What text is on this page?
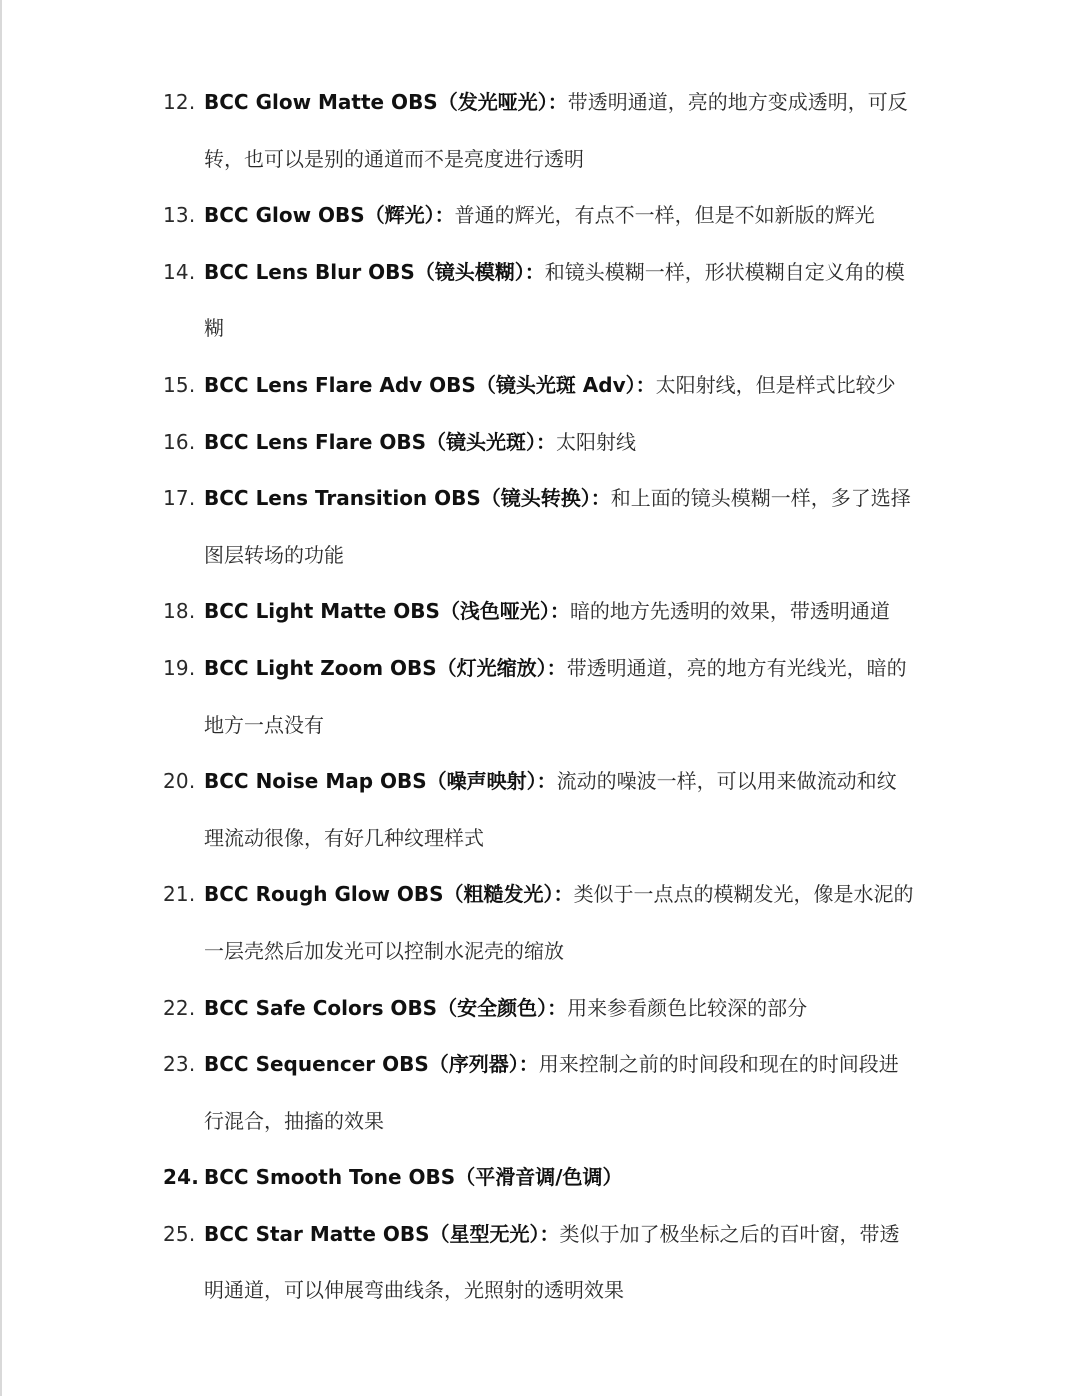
12. BCC Glow Matte OBS（发光哑光）：带透明通道，亮的地方变成透明，可反转，也可以是别的通道而不是亮度进行透明
13. BCC Glow OBS（辉光）：普通的辉光，有点不一样，但是不如新版的辉光
14. BCC Lens Blur OBS（镜头模糊）：和镜头模糊一样，形状模糊自定义角的模糊
15. BCC Lens Flare Adv OBS（镜头光斑 Adv）：太阳射线，但是样式比较少
16. BCC Lens Flare OBS（镜头光斑）：太阳射线
17. BCC Lens Transition OBS（镜头转换）：和上面的镜头模糊一样，多了选择图层转场的功能
18. BCC Light Matte OBS（浅色哑光）：暗的地方先透明的效果，带透明通道
19. BCC Light Zoom OBS（灯光缩放）：带透明通道，亮的地方有光线光，暗的地方一点没有
20. BCC Noise Map OBS（噪声映射）：流动的噪波一样，可以用来做流动和纹理流动很像，有好几种纹理样式
21. BCC Rough Glow OBS（粗糙发光）：类似于一点点的模糊发光，像是水泥的一层壳然后加发光可以控制水泥壳的缩放
22. BCC Safe Colors OBS（安全颜色）：用来参看颜色比较深的部分
23. BCC Sequencer OBS（序列器）：用来控制之前的时间段和现在的时间段进行混合，抽搐的效果
24. BCC Smooth Tone OBS（平滑音调/色调）
25. BCC Star Matte OBS（星型无光）：类似于加了极坐标之后的百叶窗，带透明通道，可以伸展弯曲线条，光照射的透明效果
